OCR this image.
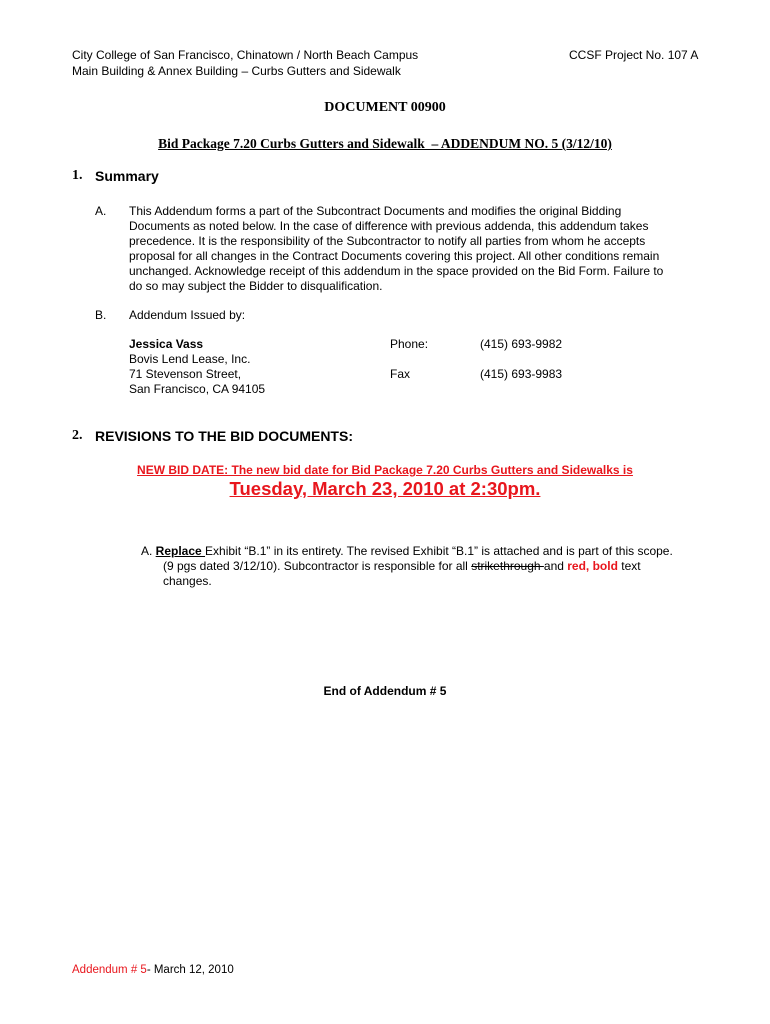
City College of San Francisco, Chinatown / North Beach Campus
Main Building & Annex Building – Curbs Gutters and Sidewalk
CCSF Project No. 107 A
DOCUMENT 00900
Bid Package 7.20 Curbs Gutters and Sidewalk  – ADDENDUM NO. 5 (3/12/10)
1. Summary
A. This Addendum forms a part of the Subcontract Documents and modifies the original Bidding
Documents as noted below. In the case of difference with previous addenda, this addendum takes
precedence. It is the responsibility of the Subcontractor to notify all parties from whom he accepts
proposal for all changes in the Contract Documents covering this project. All other conditions remain
unchanged. Acknowledge receipt of this addendum in the space provided on the Bid Form. Failure to
do so may subject the Bidder to disqualification.
B. Addendum Issued by:
Jessica Vass
Bovis Lend Lease, Inc.
71 Stevenson Street,
San Francisco, CA 94105
Phone:	(415) 693-9982
Fax	(415) 693-9983
2. REVISIONS TO THE BID DOCUMENTS:
NEW BID DATE: The new bid date for Bid Package 7.20 Curbs Gutters and Sidewalks is
Tuesday, March 23, 2010 at 2:30pm.
A. Replace Exhibit “B.1” in its entirety. The revised Exhibit “B.1” is attached and is part of this scope.
(9 pgs dated 3/12/10). Subcontractor is responsible for all strikethrough and red, bold text
changes.
End of Addendum # 5
Addendum # 5- March 12, 2010
